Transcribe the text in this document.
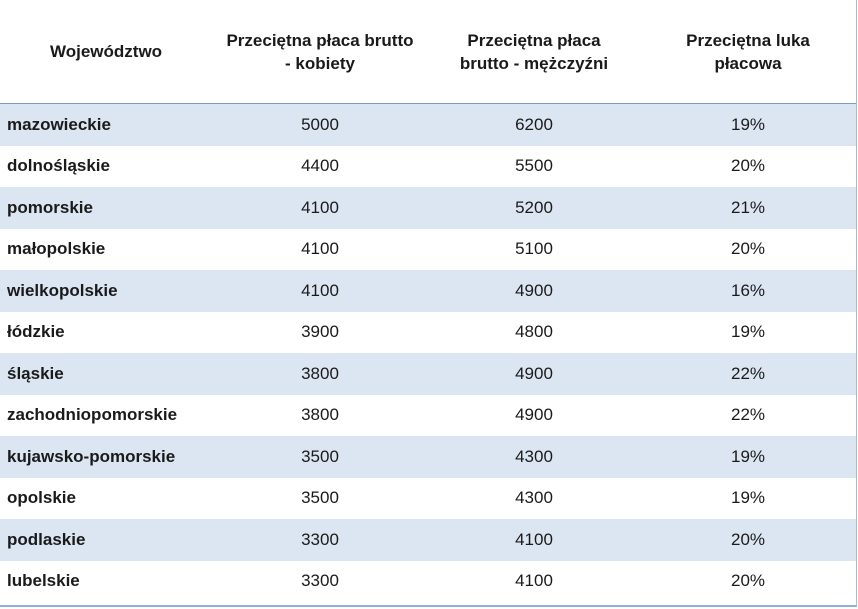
Województwo	Przeciętna płaca brutto - kobiety	Przeciętna płaca brutto - mężczyźni	Przeciętna luka płacowa
mazowieckie	5000	6200	19%
dolnośląskie	4400	5500	20%
pomorskie	4100	5200	21%
małopolskie	4100	5100	20%
wielkopolskie	4100	4900	16%
łódzkie	3900	4800	19%
śląskie	3800	4900	22%
zachodniopomorskie	3800	4900	22%
kujawsko-pomorskie	3500	4300	19%
opolskie	3500	4300	19%
podlaskie	3300	4100	20%
lubelskie	3300	4100	20%
